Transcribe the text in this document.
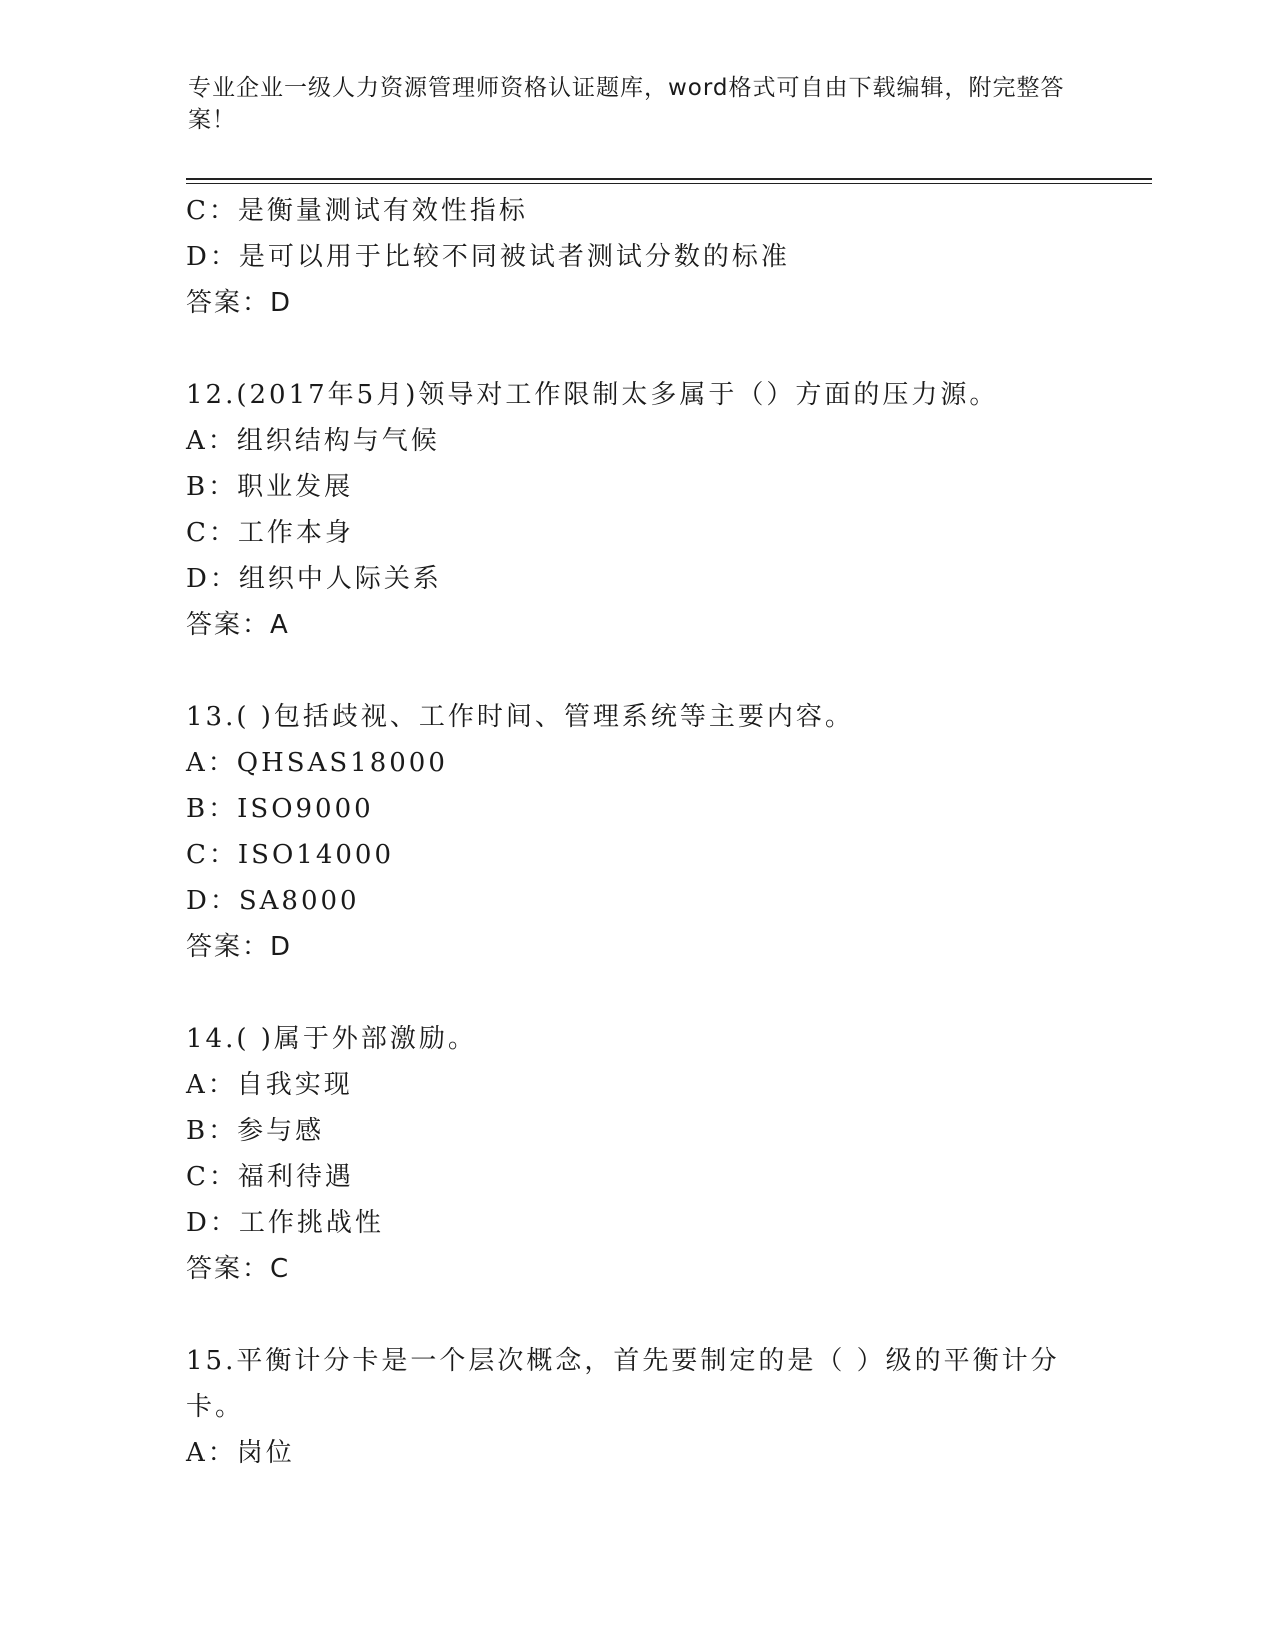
专业企业一级人力资源管理师资格认证题库，word格式可自由下载编辑，附完整答案！
C：是衡量测试有效性指标
D：是可以用于比较不同被试者测试分数的标准
答案：D
12.(2017年5月)领导对工作限制太多属于（）方面的压力源。
A：组织结构与气候
B：职业发展
C：工作本身
D：组织中人际关系
答案：A
13.( )包括歧视、工作时间、管理系统等主要内容。
A：QHSAS18000
B：ISO9000
C：ISO14000
D：SA8000
答案：D
14.( )属于外部激励。
A：自我实现
B：参与感
C：福利待遇
D：工作挑战性
答案：C
15.平衡计分卡是一个层次概念，首先要制定的是（ ）级的平衡计分
卡。
A：岗位
